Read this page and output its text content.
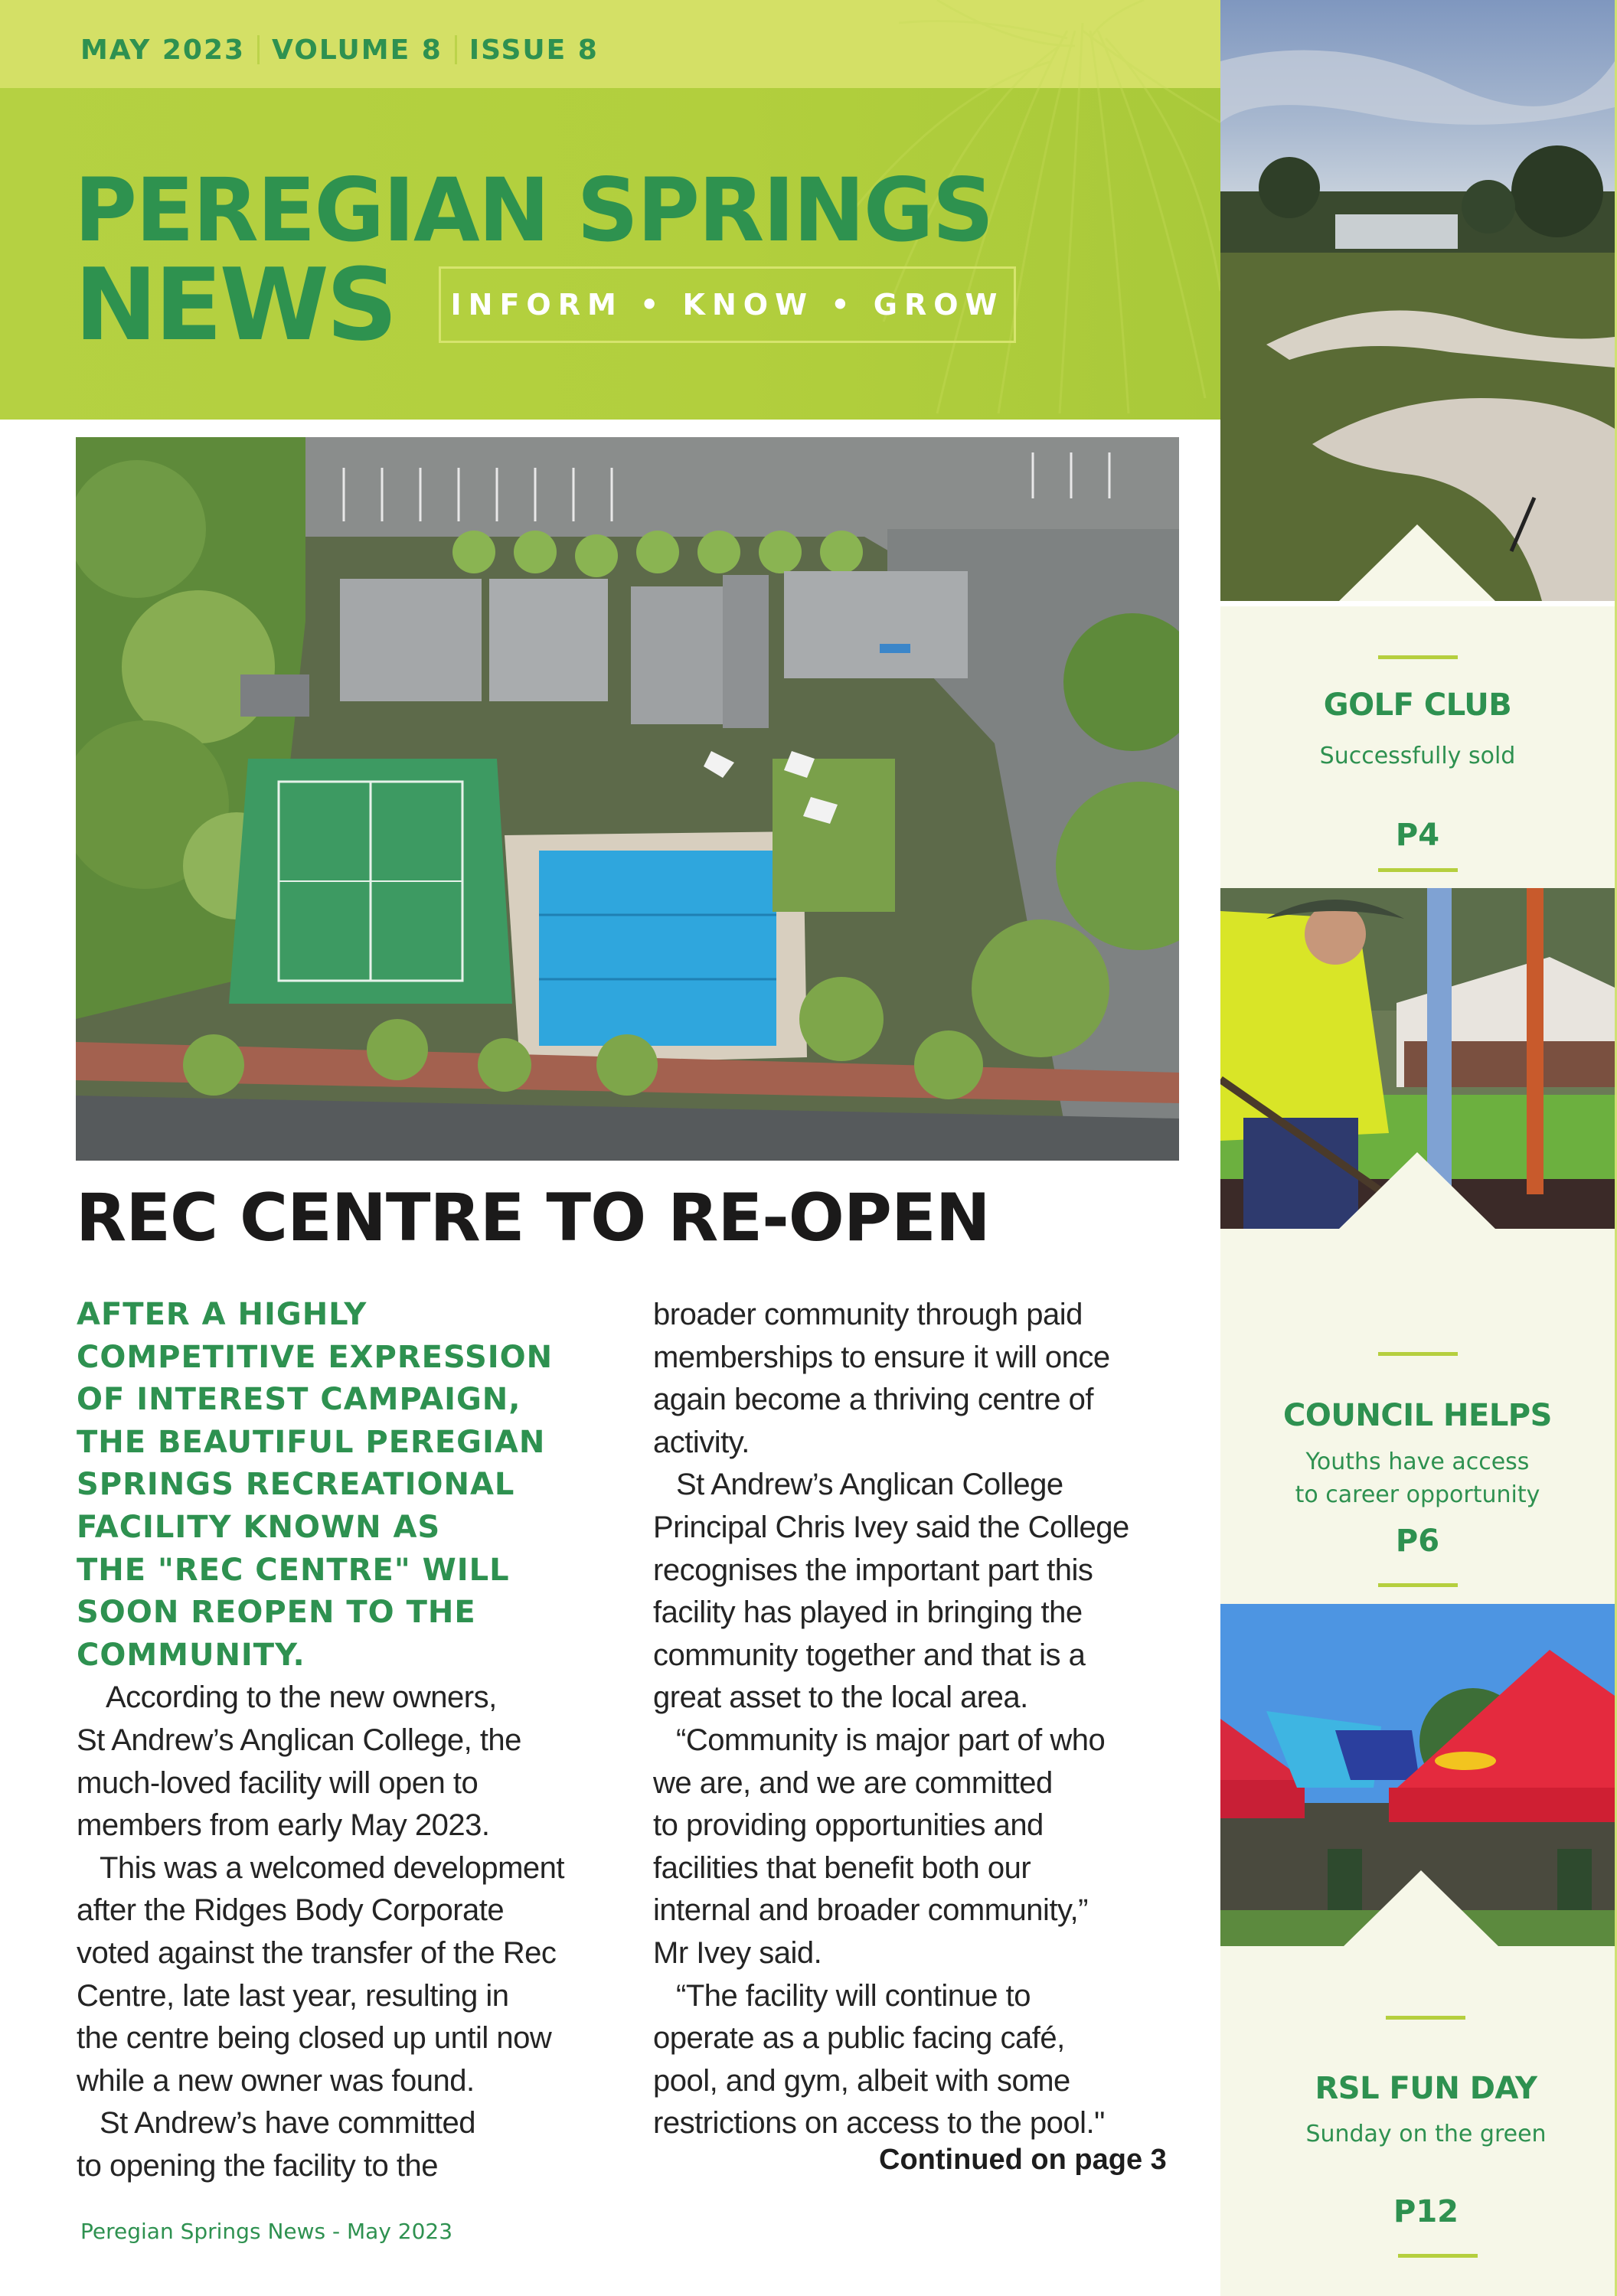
MAY 2023 VOLUME 8 ISSUE 8
PEREGIAN SPRINGS
NEWS INFORM • KNOW • GROW
REC CENTRE TO RE-OPEN
AFTER A HIGHLY
COMPETITIVE EXPRESSION
OF INTEREST CAMPAIGN,
THE BEAUTIFUL PEREGIAN
SPRINGS RECREATIONAL
FACILITY KNOWN AS
THE "REC CENTRE" WILL
SOON REOPEN TO THE
COMMUNITY.
According to the new owners,
St Andrew’s Anglican College, the
much-loved facility will open to
members from early May 2023.
This was a welcomed development
after the Ridges Body Corporate
voted against the transfer of the Rec
Centre, late last year, resulting in
the centre being closed up until now
while a new owner was found.
St Andrew’s have committed
to opening the facility to the
broader community through paid
memberships to ensure it will once
again become a thriving centre of
activity.
St Andrew’s Anglican College
Principal Chris Ivey said the College
recognises the important part this
facility has played in bringing the
community together and that is a
great asset to the local area.
“Community is major part of who
we are, and we are committed
to providing opportunities and
facilities that benefit both our
internal and broader community,”
Mr Ivey said.
“The facility will continue to
operate as a public facing café,
pool, and gym, albeit with some
restrictions on access to the pool."
Continued on page 3
Peregian Springs News - May 2023
GOLF CLUB
Successfully sold
P4
COUNCIL HELPS
Youths have access
to career opportunity
P6
RSL FUN DAY
Sunday on the green
P12
